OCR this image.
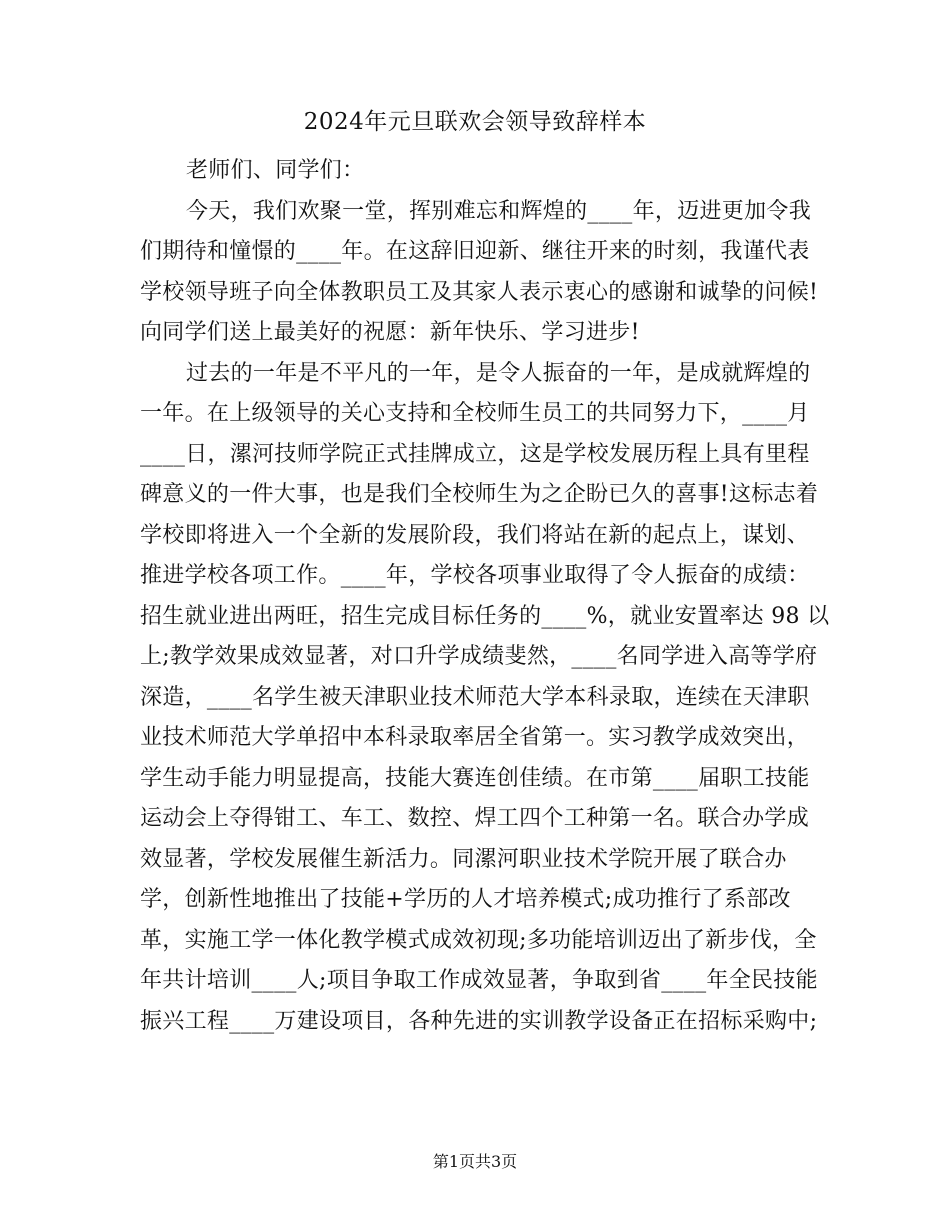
2024年元旦联欢会领导致辞样本
老师们、同学们：
今天，我们欢聚一堂，挥别难忘和辉煌的____年，迈进更加令我
们期待和憧憬的____年。在这辞旧迎新、继往开来的时刻，我谨代表
学校领导班子向全体教职员工及其家人表示衷心的感谢和诚挚的问候!
向同学们送上最美好的祝愿：新年快乐、学习进步!
过去的一年是不平凡的一年，是令人振奋的一年，是成就辉煌的
一年。在上级领导的关心支持和全校师生员工的共同努力下，____月
____日，漯河技师学院正式挂牌成立，这是学校发展历程上具有里程
碑意义的一件大事，也是我们全校师生为之企盼已久的喜事!这标志着
学校即将进入一个全新的发展阶段，我们将站在新的起点上，谋划、
推进学校各项工作。____年，学校各项事业取得了令人振奋的成绩：
招生就业进出两旺，招生完成目标任务的____%，就业安置率达 98 以
上;教学效果成效显著，对口升学成绩斐然，____名同学进入高等学府
深造，____名学生被天津职业技术师范大学本科录取，连续在天津职
业技术师范大学单招中本科录取率居全省第一。实习教学成效突出，
学生动手能力明显提高，技能大赛连创佳绩。在市第____届职工技能
运动会上夺得钳工、车工、数控、焊工四个工种第一名。联合办学成
效显著，学校发展催生新活力。同漯河职业技术学院开展了联合办
学，创新性地推出了技能+学历的人才培养模式;成功推行了系部改
革，实施工学一体化教学模式成效初现;多功能培训迈出了新步伐，全
年共计培训____人;项目争取工作成效显著，争取到省____年全民技能
振兴工程____万建设项目，各种先进的实训教学设备正在招标采购中;
第1页共3页
